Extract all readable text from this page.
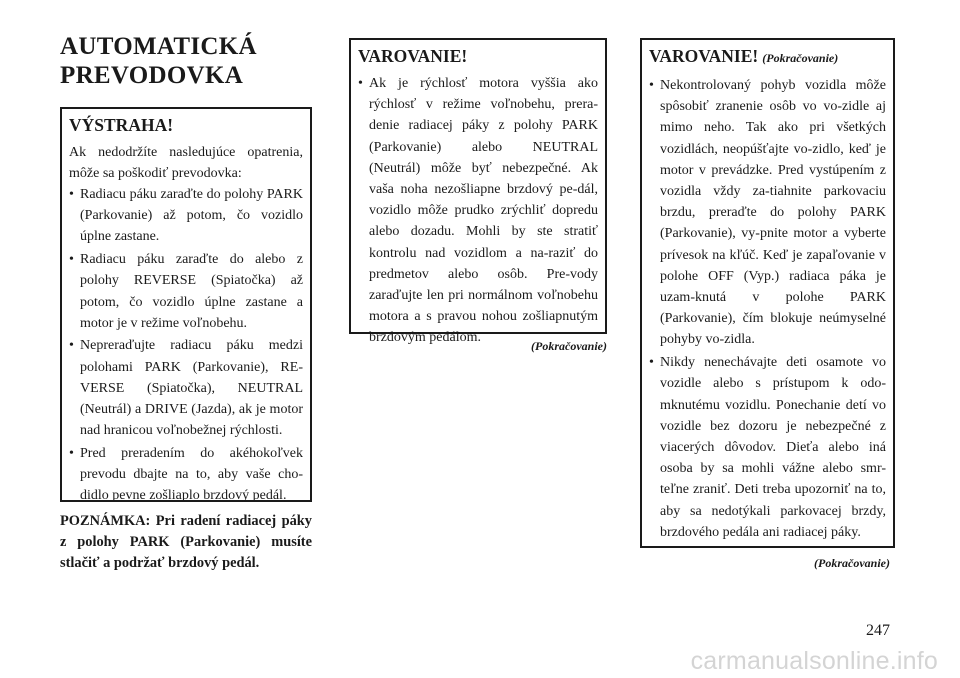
AUTOMATICKÁ
PREVODOVKA

VÝSTRAHA!

Ak nedodržíte nasledujúce opatrenia, môže sa poškodiť prevodovka:

• Radiacu páku zaraďte do polohy PARK (Parkovanie) až potom, čo vozidlo úplne zastane.
• Radiacu páku zaraďte do alebo z polohy REVERSE (Spiatočka) až potom, čo vozidlo úplne zastane a motor je v režime voľnobehu.
• Nepreraďujte radiacu páku medzi polohami PARK (Parkovanie), RE-VERSE (Spiatočka), NEUTRAL (Neutrál) a DRIVE (Jazda), ak je motor nad hranicou voľnobežnej rýchlosti.
• Pred preradením do akéhokoľvek prevodu dbajte na to, aby vaše cho-didlo pevne zošliaplo brzdový pedál.

POZNÁMKA: Pri radení radiacej páky z polohy PARK (Parkovanie) musíte stlačiť a podržať brzdový pedál.

VAROVANIE!

• Ak je rýchlosť motora vyššia ako rýchlosť v režime voľnobehu, prera-denie radiacej páky z polohy PARK (Parkovanie) alebo NEUTRAL (Neutrál) môže byť nebezpečné. Ak vaša noha nezošliapne brzdový pe-dál, vozidlo môže prudko zrýchliť dopredu alebo dozadu. Mohli by ste stratiť kontrolu nad vozidlom a na-raziť do predmetov alebo osôb. Pre-vody zaraďujte len pri normálnom voľnobehu motora a s pravou nohou zošliapnutým brzdovým pedálom.

(Pokračovanie)

VAROVANIE! (Pokračovanie)

• Nekontrolovaný pohyb vozidla môže spôsobiť zranenie osôb vo vo-zidle aj mimo neho. Tak ako pri všetkých vozidlách, neopúšťajte vo-zidlo, keď je motor v prevádzke. Pred vystúpením z vozidla vždy za-tiahnite parkovaciu brzdu, preraďte do polohy PARK (Parkovanie), vy-pnite motor a vyberte prívesok na kľúč. Keď je zapaľovanie v polohe OFF (Vyp.) radiaca páka je uzam-knutá v polohe PARK (Parkovanie), čím blokuje neúmyselné pohyby vo-zidla.
• Nikdy nenechávajte deti osamote vo vozidle alebo s prístupom k odo-mknutému vozidlu. Ponechanie detí vo vozidle bez dozoru je nebezpečné z viacerých dôvodov. Dieťa alebo iná osoba by sa mohli vážne alebo smr-teľne zraniť. Deti treba upozorniť na to, aby sa nedotýkali parkovacej brzdy, brzdového pedála ani radiacej páky.

(Pokračovanie)

247

carmanualsonline.info
